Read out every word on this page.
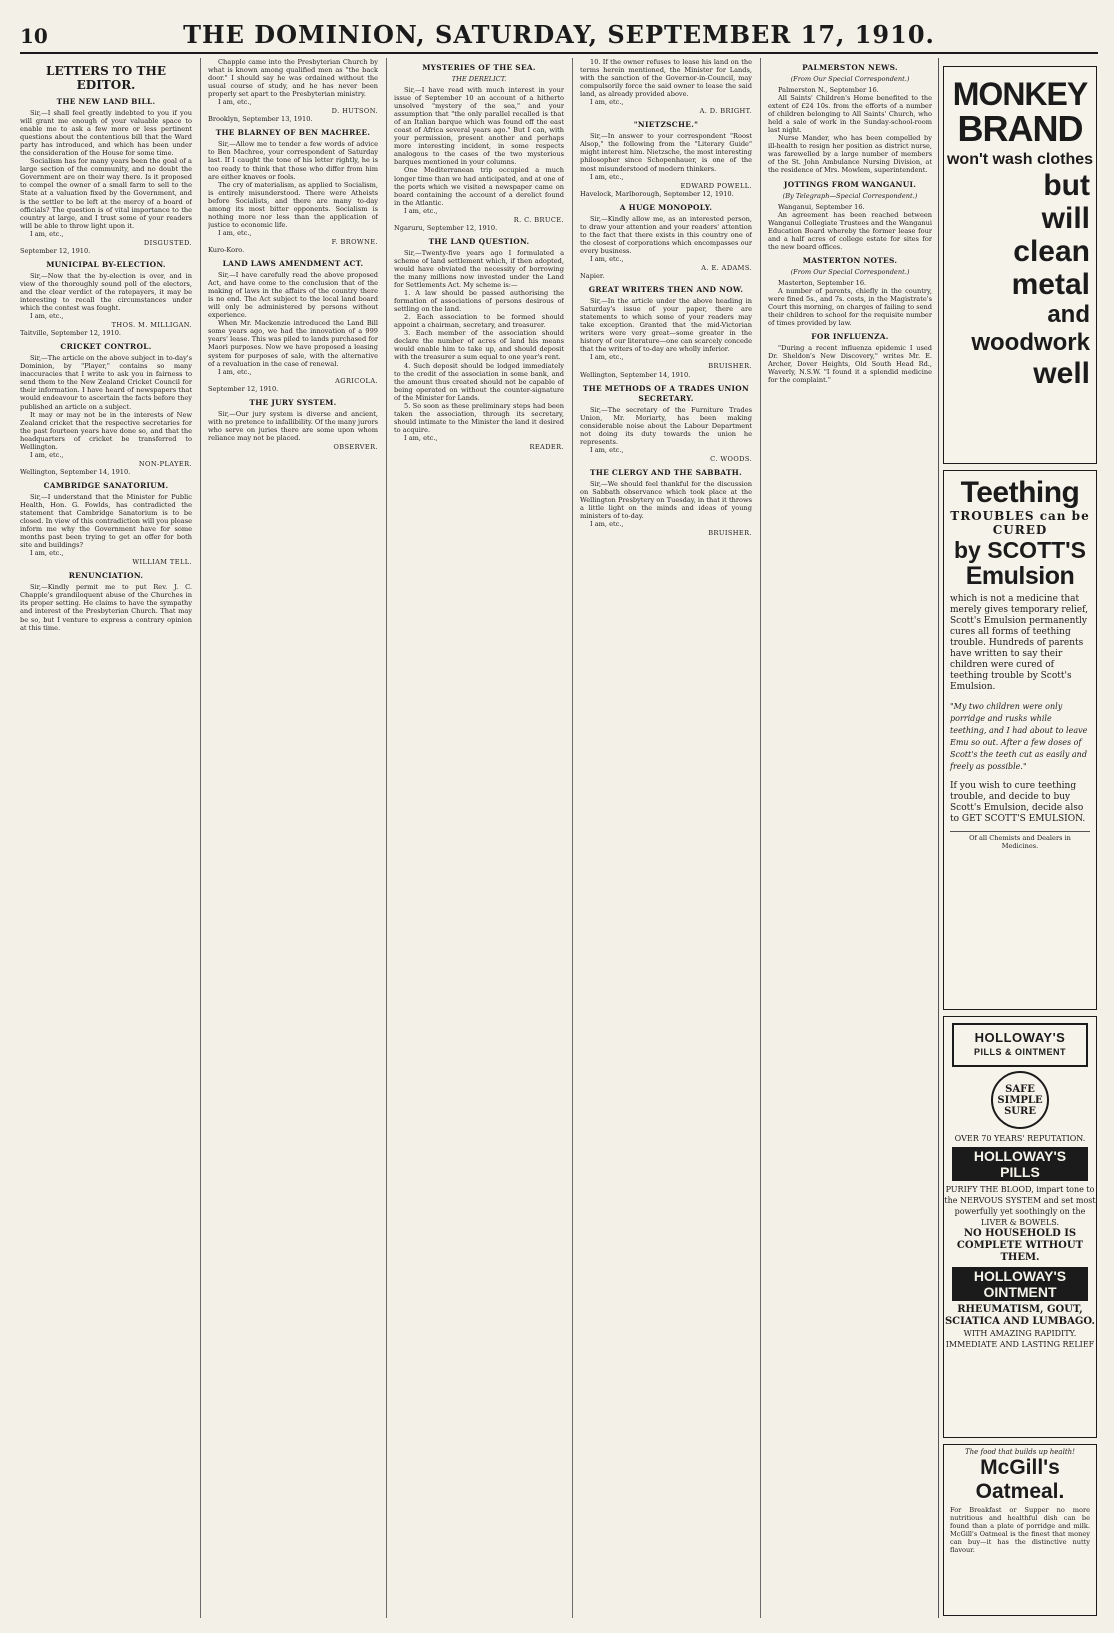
10	THE DOMINION, SATURDAY, SEPTEMBER 17, 1910.
LETTERS TO THE EDITOR.
THE NEW LAND BILL.

Sir,—I shall feel greatly indebted to you if you will grant me enough of your valuable space to enable me to ask a few more or less pertinent questions about the contentious bill that the Ward party has introduced, and which has been under the consideration of the House for some time.

Socialism has for many years been the goal of a large section of the community, and no doubt the Government are on their way there. Is it proposed to compel the owner of a small farm to sell to the State at a valuation fixed by the Government, and is the settler to be left at the mercy of a board of officials? The question is of vital importance to the country at large, and I trust some of your readers will be able to throw light upon it.

I am, etc.,

DISGUSTED.
September 12, 1910.
MUNICIPAL BY-ELECTION.

Sir,—Now that the by-election is over, and in view of the thoroughly sound poll of the electors, and the clear verdict of the ratepayers, it may be interesting to recall the circumstances under which the contest was fought.

I am, etc.,

THOS. M. MILLIGAN.
Taitville, September 12, 1910.
CRICKET CONTROL.

Sir,—The article on the above subject in to-day's Dominion, by "Player," contains so many inaccuracies that I write to ask you in fairness to send them to the New Zealand Cricket Council for their information. I have heard of newspapers that would endeavour to ascertain the facts before they published an article on a subject.

It may or may not be in the interests of New Zealand cricket that the respective secretaries for the past fourteen years have done so, and that the headquarters of cricket be transferred to Wellington.

I am, etc.,

NON-PLAYER.
Wellington, September 14, 1910.
CAMBRIDGE SANATORIUM.

Sir,—I understand that the Minister for Public Health, Hon. G. Fowlds, has contradicted the statement that Cambridge Sanatorium is to be closed. In view of this contradiction will you please inform me why the Government have for some months past been trying to get an offer for both site and buildings?

I am, etc.,

WILLIAM TELL.
RENUNCIATION.

Sir,—Kindly permit me to put Rev. J. C. Chapple's grandiloquent abuse of the Churches in its proper setting. He claims to have the sympathy and interest of the Presbyterian Church. That may be so, but I venture to express a contrary opinion at this time.

Chapple came into the Presbyterian Church by what is known among qualified men as "the back door." I should say he was ordained without the usual course of study, and he has never been properly set apart to the Presbyterian ministry.

I am, etc.,

D. HUTSON.
Brooklyn, September 13, 1910.
THE BLARNEY OF BEN MACHREE.

Sir,—Allow me to tender a few words of advice to Ben Machree, your correspondent of Saturday last. If I caught the tone of his letter rightly, he is too ready to think that those who differ from him are either knaves or fools.

The cry of materialism, as applied to Socialism, is entirely misunderstood. There were Atheists before Socialists, and there are many to-day among its most bitter opponents. Socialism is nothing more nor less than the application of justice to economic life.

I am, etc.,

F. BROWNE.
Kuro-Koro.
LAND LAWS AMENDMENT ACT.

Sir,—I have carefully read the above proposed Act, and have come to the conclusion that of the making of laws in the affairs of the country there is no end. The Act subject to the local land board will only be administered by persons without experience.

When Mr. Mackenzie introduced the Land Bill some years ago, we had the innovation of a 999 years' lease. This was piled to lands purchased for Maori purposes. Now we have proposed a leasing system for purposes of sale, with the alternative of a revaluation in the case of renewal.

I am, etc.,

AGRICOLA.
September 12, 1910.
THE JURY SYSTEM.

Sir,—Our jury system is diverse and ancient, with no pretence to infallibility. Of the many jurors who serve on juries there are some upon whom reliance may not be placed.

OBSERVER.
MYSTERIES OF THE SEA.
THE DERELICT.

Sir,—I have read with much interest in your issue of September 10 an account of a hitherto unsolved "mystery of the sea," and your assumption that "the only parallel recalled is that of an Italian barque which was found off the east coast of Africa several years ago." But I can, with your permission, present another and perhaps more interesting incident, in some respects analogous to the cases of the two mysterious barques mentioned in your columns.

One Mediterranean trip occupied a much longer time than we had anticipated, and at one of the ports which we visited a newspaper came on board containing the account of a derelict found in the Atlantic.

I am, etc.,

R. C. BRUCE.
Ngaruru, September 12, 1910.
THE LAND QUESTION.

Sir,—Twenty-five years ago I formulated a scheme of land settlement which, if then adopted, would have obviated the necessity of borrowing the many millions now invested under the Land for Settlements Act. My scheme is:—

1. A law should be passed authorising the formation of associations of persons desirous of settling on the land.

2. Each association to be formed should appoint a chairman, secretary, and treasurer.

3. Each member of the association should declare the number of acres of land his means would enable him to take up, and should deposit with the treasurer a sum equal to one year's rent.

4. Such deposit should be lodged immediately to the credit of the association in some bank, and the amount thus created should not be capable of being operated on without the counter-signature of the Minister for Lands.

5. So soon as these preliminary steps had been taken the association, through its secretary, should intimate to the Minister the land it desired to acquire.

I am, etc.,

READER.

10. If the owner refuses to lease his land on the terms herein mentioned, the Minister for Lands, with the sanction of the Governor-in-Council, may compulsorily force the said owner to lease the said land, as already provided above.

I am, etc.,

A. D. BRIGHT.
"NIETZSCHE."

Sir,—In answer to your correspondent "Roost Alsop," the following from the "Literary Guide" might interest him. Nietzsche, the most interesting philosopher since Schopenhauer, is one of the most misunderstood of modern thinkers.

I am, etc.,

EDWARD POWELL.
Havelock, Marlborough, September 12, 1910.
A HUGE MONOPOLY.

Sir,—Kindly allow me, as an interested person, to draw your attention and your readers' attention to the fact that there exists in this country one of the closest of corporations which encompasses our every business.

I am, etc.,

A. E. ADAMS.
Napier.
GREAT WRITERS THEN AND NOW.

Sir,—In the article under the above heading in Saturday's issue of your paper, there are statements to which some of your readers may take exception. Granted that the mid-Victorian writers were very great—some greater in the history of our literature—one can scarcely concede that the writers of to-day are wholly inferior.

I am, etc.,

BRUISHER.
Wellington, September 14, 1910.
THE METHODS OF A TRADES UNION SECRETARY.

Sir,—The secretary of the Furniture Trades Union, Mr. Moriarty, has been making considerable noise about the Labour Department not doing its duty towards the union he represents.

I am, etc.,

C. WOODS.
THE CLERGY AND THE SABBATH.

Sir,—We should feel thankful for the discussion on Sabbath observance which took place at the Wellington Presbytery on Tuesday, in that it throws a little light on the minds and ideas of young ministers of to-day.

I am, etc.,

BRUISHER.
PALMERSTON NEWS.
(From Our Special Correspondent.)

Palmerston N., September 16.

All Saints' Children's Home benefited to the extent of £24 10s. from the efforts of a number of children belonging to All Saints' Church, who held a sale of work in the Sunday-school-room last night.

Nurse Mander, who has been compelled by ill-health to resign her position as district nurse, was farewelled by a large number of members of the St. John Ambulance Nursing Division, at the residence of Mrs. Mowlem, superintendent.

JOTTINGS FROM WANGANUI.
(By Telegraph—Special Correspondent.)

Wanganui, September 16.

An agreement has been reached between Wanganui Collegiate Trustees and the Wanganui Education Board whereby the former lease four and a half acres of college estate for sites for the new board offices.

MASTERTON NOTES.
(From Our Special Correspondent.)

Masterton, September 16.

A number of parents, chiefly in the country, were fined 5s., and 7s. costs, in the Magistrate's Court this morning, on charges of failing to send their children to school for the requisite number of times provided by law.

FOR INFLUENZA.

"During a recent influenza epidemic I used Dr. Sheldon's New Discovery," writes Mr. E. Archer, Dover Heights, Old South Head Rd., Waverly, N.S.W. "I found it a splendid medicine for the complaint."

MONKEY
BRAND
won't wash clothes
but
will
clean
metal
and
woodwork
well
Teething
TROUBLES can be CURED
by SCOTT'S
Emulsion
which is not a medicine that merely gives temporary relief, Scott's Emulsion permanently cures all forms of teething trouble. Hundreds of parents have written to say their children were cured of teething trouble by Scott's Emulsion.
"My two children were only porridge and rusks while teething, and I had about to leave Emu so out. After a few doses of Scott's the teeth cut as easily and freely as possible."
If you wish to cure teething trouble, and decide to buy Scott's Emulsion, decide also to GET SCOTT'S EMULSION.
Of all Chemists and Dealers in Medicines.
HOLLOWAY'S
PILLS & OINTMENT
SAFE SIMPLE SURE
OVER 70 YEARS' REPUTATION.
HOLLOWAY'S PILLS
PURIFY THE BLOOD, impart tone to the NERVOUS SYSTEM and set most powerfully yet soothingly on the LIVER & BOWELS.
NO HOUSEHOLD IS COMPLETE WITHOUT THEM.
HOLLOWAY'S OINTMENT
RHEUMATISM, GOUT, SCIATICA AND LUMBAGO.
WITH AMAZING RAPIDITY. IMMEDIATE AND LASTING RELIEF
The food that builds up health!
McGill's Oatmeal.
For Breakfast or Supper no more nutritious and healthful dish can be found than a plate of porridge and milk. McGill's Oatmeal is the finest that money can buy—it has the distinctive nutty flavour.
